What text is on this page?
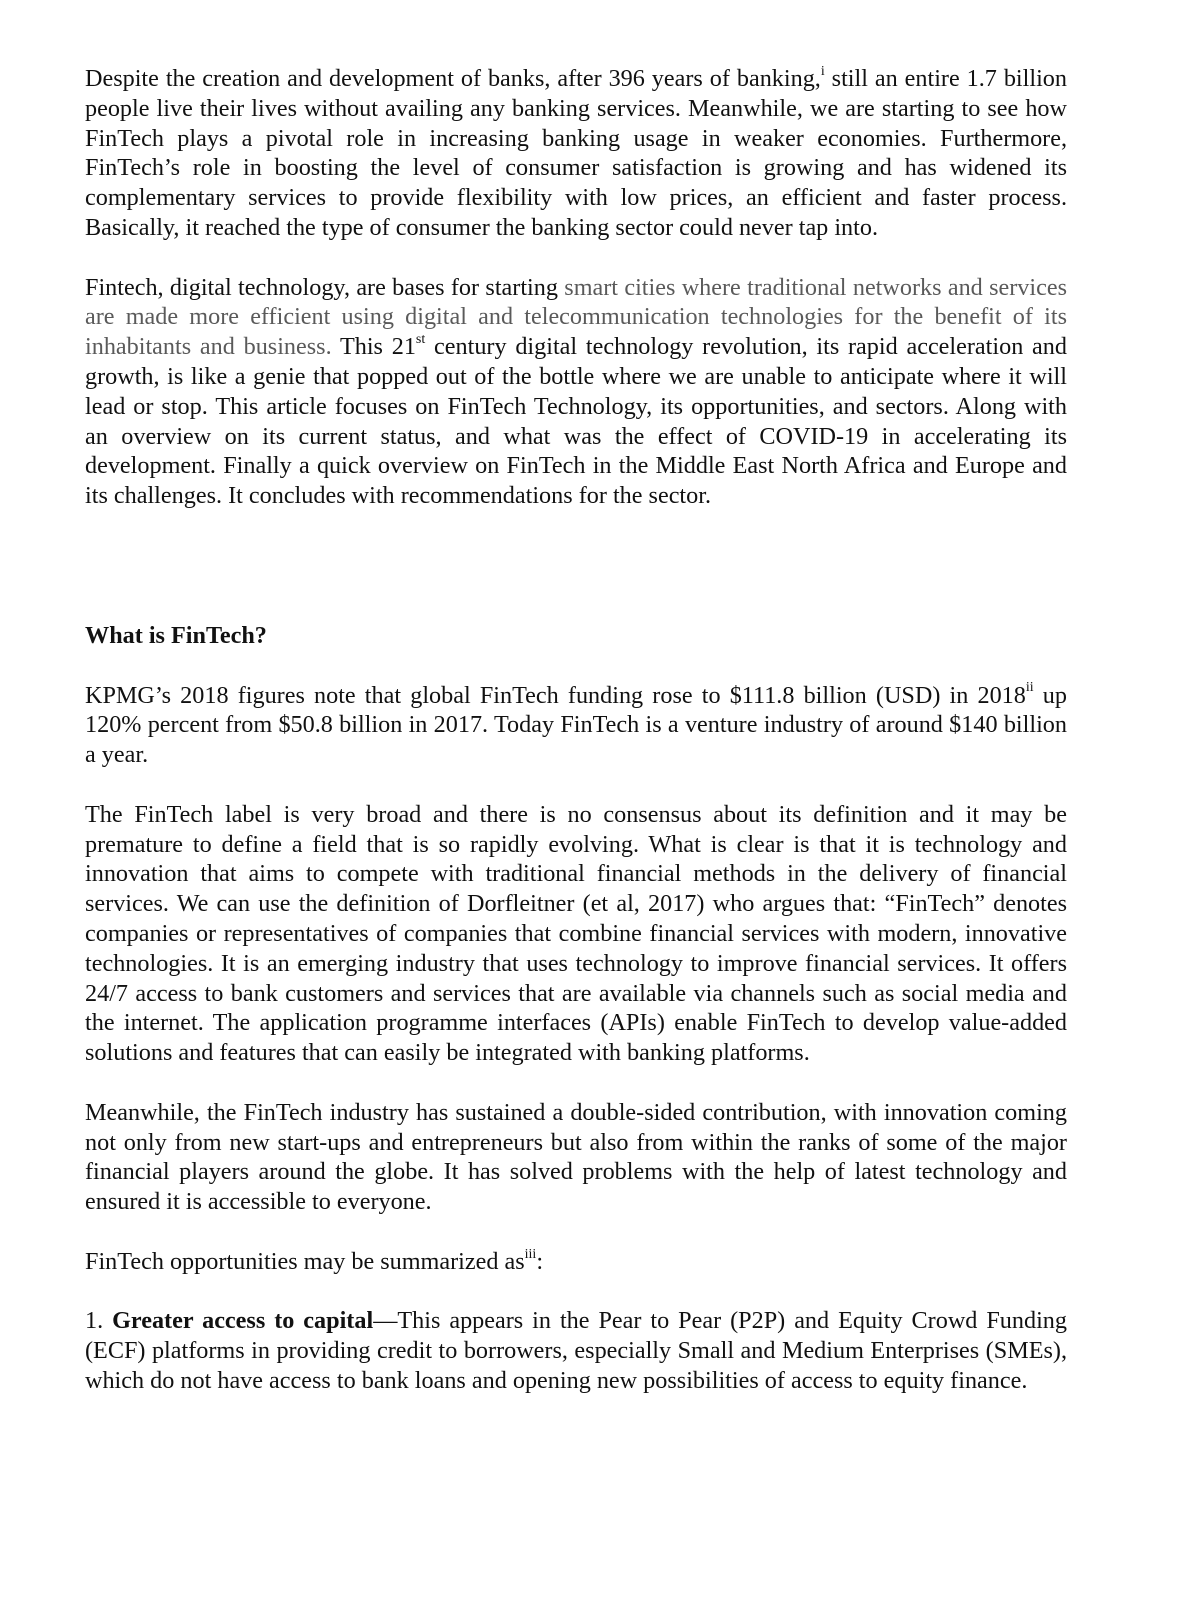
Despite the creation and development of banks, after 396 years of banking,$^i$ still an entire 1.7 billion people live their lives without availing any banking services. Meanwhile, we are starting to see how FinTech plays a pivotal role in increasing banking usage in weaker economies. Furthermore, FinTech’s role in boosting the level of consumer satisfaction is growing and has widened its complementary services to provide flexibility with low prices, an efficient and faster process. Basically, it reached the type of consumer the banking sector could never tap into.

Fintech, digital technology, are bases for starting smart cities where traditional networks and services are made more efficient using digital and telecommunication technologies for the benefit of its inhabitants and business. This 21st century digital technology revolution, its rapid acceleration and growth, is like a genie that popped out of the bottle where we are unable to anticipate where it will lead or stop. This article focuses on FinTech Technology, its opportunities, and sectors. Along with an overview on its current status, and what was the effect of COVID-19 in accelerating its development. Finally a quick overview on FinTech in the Middle East North Africa and Europe and its challenges. It concludes with recommendations for the sector.

What is FinTech?

KPMG’s 2018 figures note that global FinTech funding rose to $111.8 billion (USD) in 2018$^{ii}$ up 120% percent from $50.8 billion in 2017. Today FinTech is a venture industry of around $140 billion a year.

The FinTech label is very broad and there is no consensus about its definition and it may be premature to define a field that is so rapidly evolving. What is clear is that it is technology and innovation that aims to compete with traditional financial methods in the delivery of financial services. We can use the definition of Dorfleitner (et al, 2017) who argues that: “FinTech” denotes companies or representatives of companies that combine financial services with modern, innovative technologies. It is an emerging industry that uses technology to improve financial services. It offers 24/7 access to bank customers and services that are available via channels such as social media and the internet. The application programme interfaces (APIs) enable FinTech to develop value-added solutions and features that can easily be integrated with banking platforms.

Meanwhile, the FinTech industry has sustained a double-sided contribution, with innovation coming not only from new start-ups and entrepreneurs but also from within the ranks of some of the major financial players around the globe. It has solved problems with the help of latest technology and ensured it is accessible to everyone.

FinTech opportunities may be summarized $as^{iii}$:

1. Greater access to capital—This appears in the Pear to Pear (P2P) and Equity Crowd Funding (ECF) platforms in providing credit to borrowers, especially Small and Medium Enterprises (SMEs), which do not have access to bank loans and opening new possibilities of access to equity finance.
